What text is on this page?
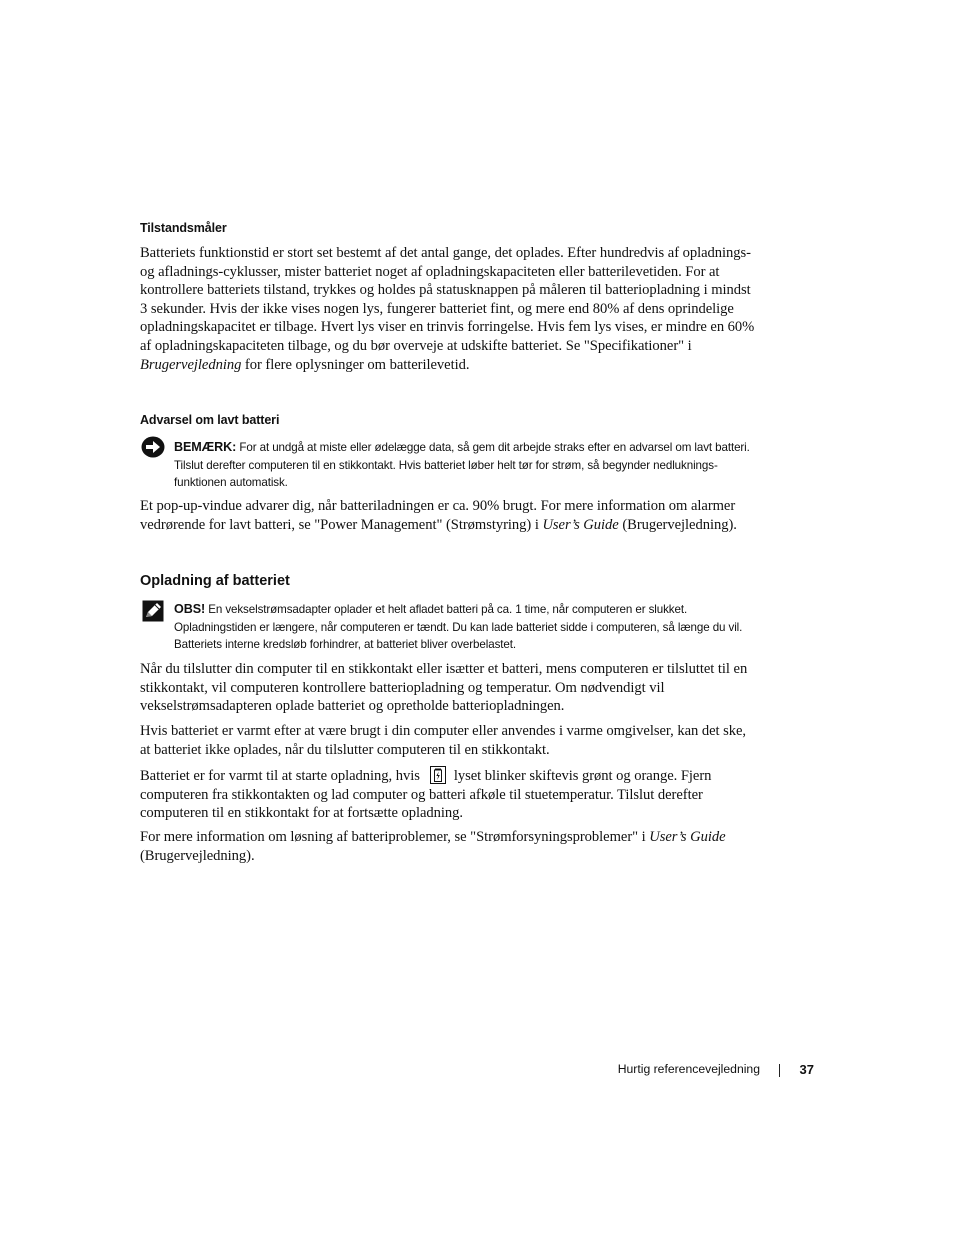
Tilstandsmåler

Batteriets funktionstid er stort set bestemt af det antal gange, det oplades. Efter hundredvis af opladnings- og afladnings-cyklusser, mister batteriet noget af opladningskapaciteten eller batterilevetiden. For at kontrollere batteriets tilstand, trykkes og holdes på statusknappen på måleren til batteriopladning i mindst 3 sekunder. Hvis der ikke vises nogen lys, fungerer batteriet fint, og mere end 80% af dens oprindelige opladningskapacitet er tilbage. Hvert lys viser en trinvis forringelse. Hvis fem lys vises, er mindre en 60% af opladningskapaciteten tilbage, og du bør overveje at udskifte batteriet. Se "Specifikationer" i Brugervejledning for flere oplysninger om batterilevetid.

Advarsel om lavt batteri

BEMÆRK: For at undgå at miste eller ødelægge data, så gem dit arbejde straks efter en advarsel om lavt batteri. Tilslut derefter computeren til en stikkontakt. Hvis batteriet løber helt tør for strøm, så begynder nedluknings- funktionen automatisk.

Et pop-up-vindue advarer dig, når batteriladningen er ca. 90% brugt. For mere information om alarmer vedrørende for lavt batteri, se "Power Management" (Strømstyring) i User’s Guide (Brugervejledning).

Opladning af batteriet

OBS! En vekselstrømsadapter oplader et helt afladet batteri på ca. 1 time, når computeren er slukket. Opladningstiden er længere, når computeren er tændt. Du kan lade batteriet sidde i computeren, så længe du vil. Batteriets interne kredsløb forhindrer, at batteriet bliver overbelastet.

Når du tilslutter din computer til en stikkontakt eller isætter et batteri, mens computeren er tilsluttet til en stikkontakt, vil computeren kontrollere batteriopladning og temperatur. Om nødvendigt vil vekselstrømsadapteren oplade batteriet og opretholde batteriopladningen.

Hvis batteriet er varmt efter at være brugt i din computer eller anvendes i varme omgivelser, kan det ske, at batteriet ikke oplades, når du tilslutter computeren til en stikkontakt.

Batteriet er for varmt til at starte opladning, hvis lyset blinker skiftevis grønt og orange. Fjern computeren fra stikkontakten og lad computer og batteri afkøle til stuetemperatur. Tilslut derefter computeren til en stikkontakt for at fortsætte opladning.

For mere information om løsning af batteriproblemer, se "Strømforsyningsproblemer" i User’s Guide (Brugervejledning).

Hurtig referencevejledning	37
